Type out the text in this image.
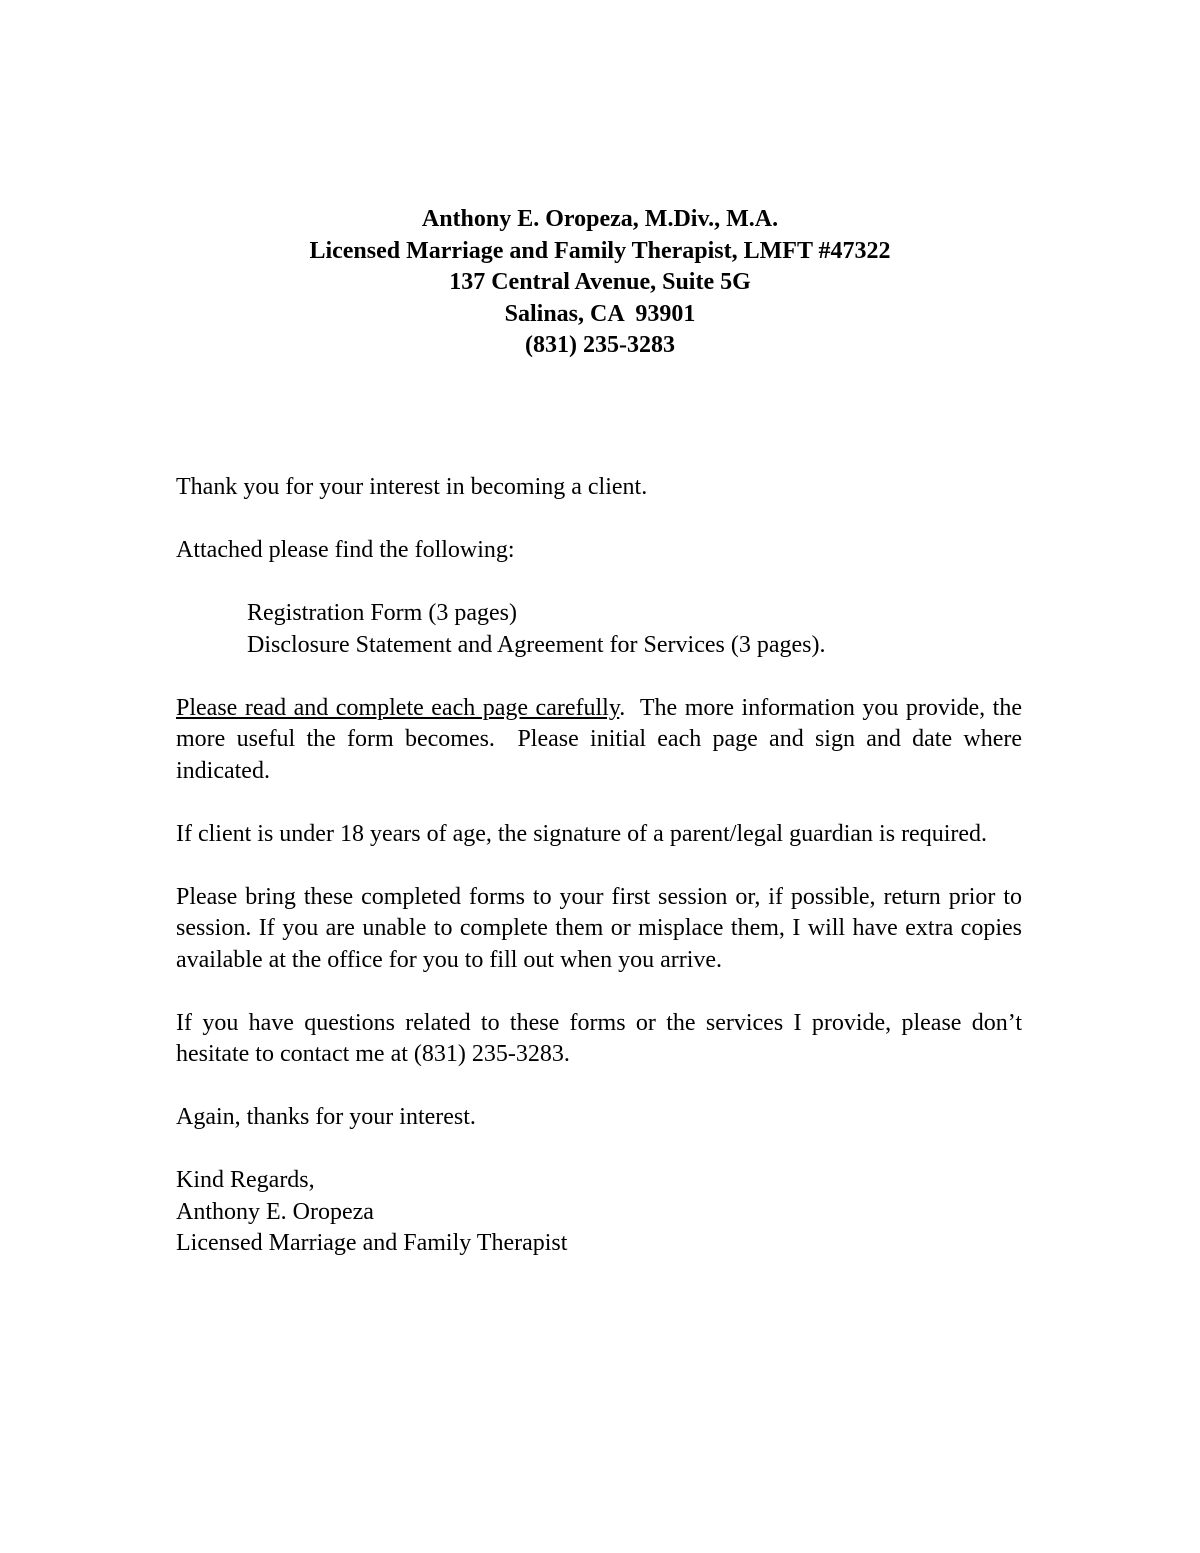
Anthony E. Oropeza, M.Div., M.A.
Licensed Marriage and Family Therapist, LMFT #47322
137 Central Avenue, Suite 5G
Salinas, CA  93901
(831) 235-3283

Thank you for your interest in becoming a client.

Attached please find the following:

Registration Form (3 pages)
Disclosure Statement and Agreement for Services (3 pages).

Please read and complete each page carefully.  The more information you provide, the more useful the form becomes.  Please initial each page and sign and date where indicated.

If client is under 18 years of age, the signature of a parent/legal guardian is required.

Please bring these completed forms to your first session or, if possible, return prior to session. If you are unable to complete them or misplace them, I will have extra copies available at the office for you to fill out when you arrive.

If you have questions related to these forms or the services I provide, please don’t hesitate to contact me at (831) 235-3283.

Again, thanks for your interest.

Kind Regards,
Anthony E. Oropeza
Licensed Marriage and Family Therapist
